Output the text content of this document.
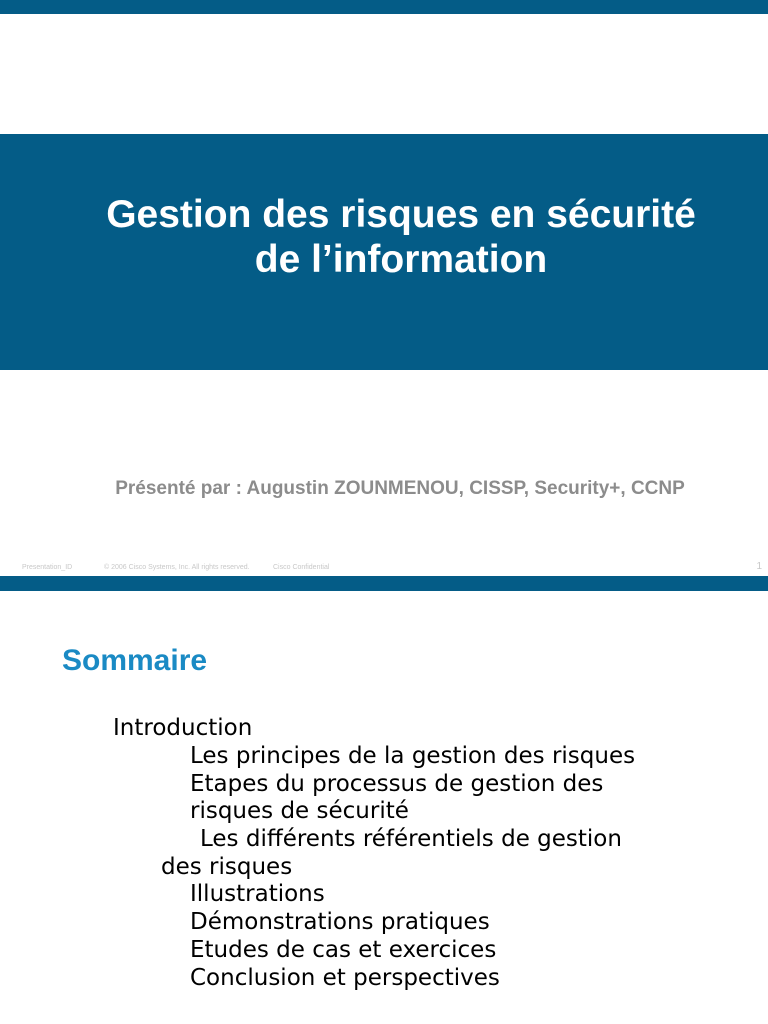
Gestion des risques en sécurité
de l’information
Présenté par : Augustin ZOUNMENOU, CISSP, Security+, CCNP
Presentation_ID	© 2006 Cisco Systems, Inc. All rights reserved.	Cisco Confidential	1
Sommaire
Introduction
Les principes de la gestion des risques
Etapes du processus de gestion des
risques de sécurité
Les différents référentiels de gestion
des risques
Illustrations
Démonstrations pratiques
Etudes de cas et exercices
Conclusion et perspectives
